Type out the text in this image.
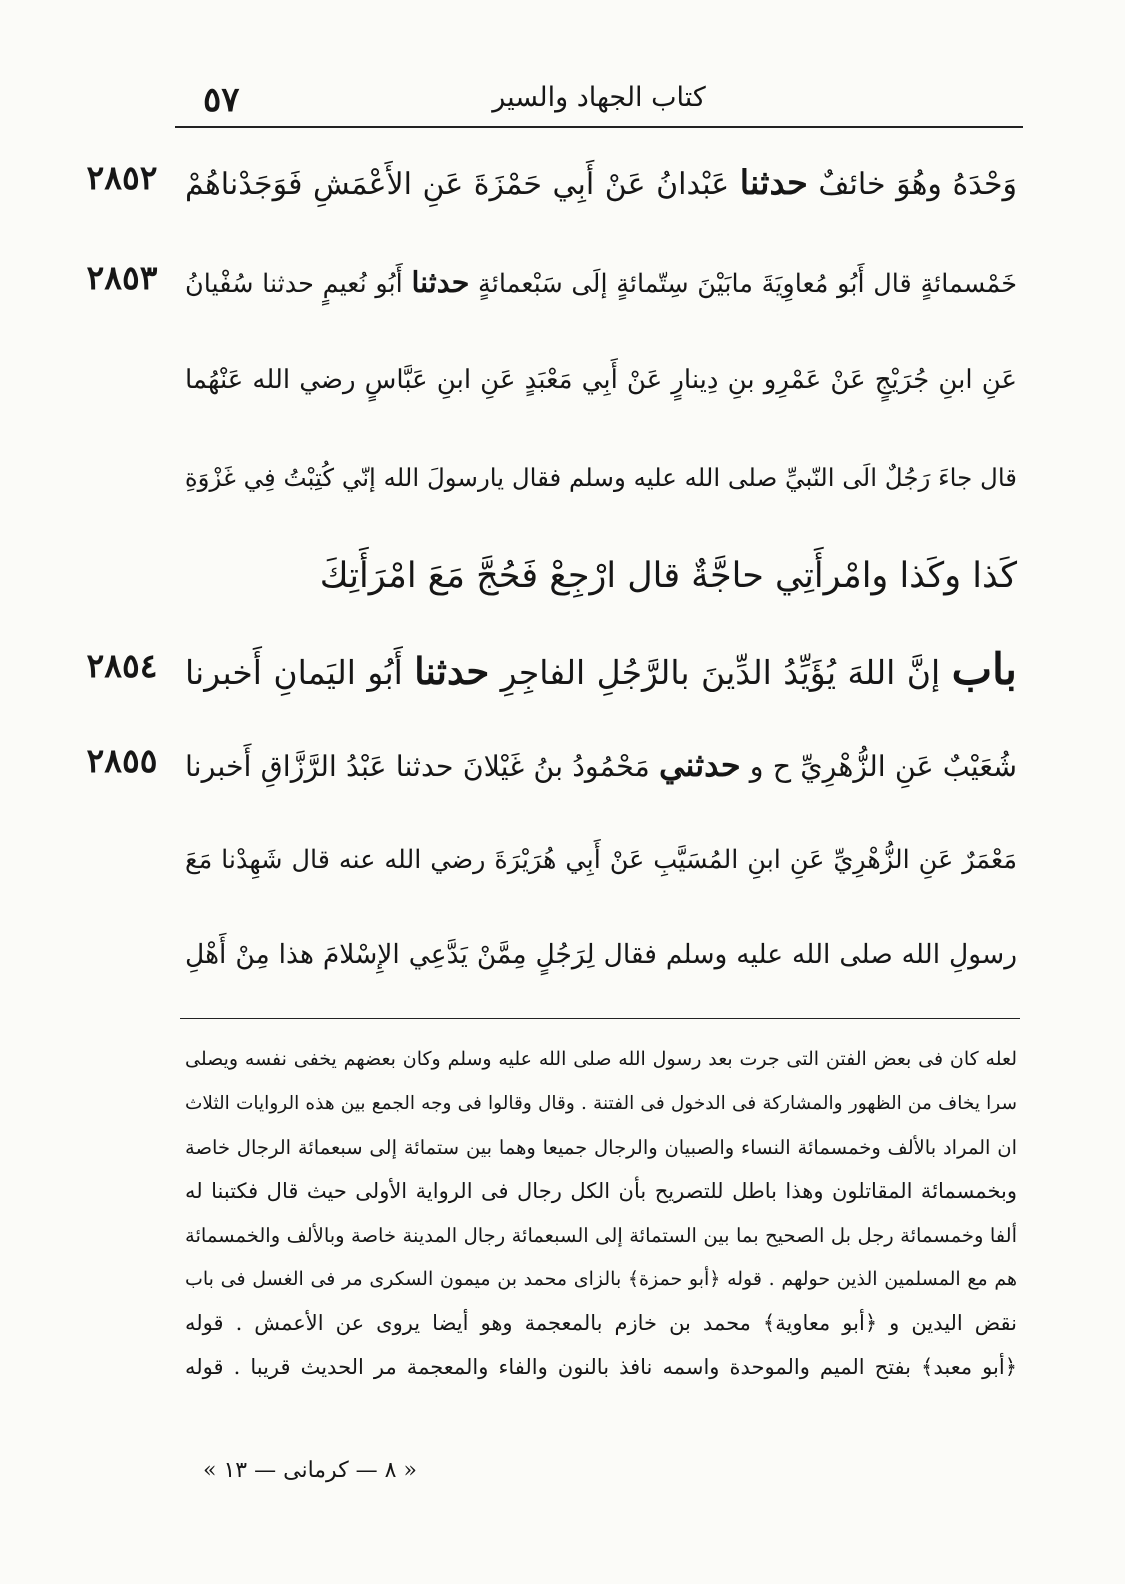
٥٧	كتاب الجهاد والسير
وَحْدَهُ وهُوَ خائفٌ حدثنا عَبْدانُ عَنْ أَبِي حَمْزَةَ عَنِ الأَعْمَشِ فَوَجَدْناهُمْ
خَمْسمائةٍ قال أَبُو مُعاوِيَةَ مابَيْنَ سِتّمائةٍ إلَى سَبْعمائةٍ حدثنا أَبُو نُعيمٍ حدثنا سُفْيانُ
عَنِ ابنِ جُرَيْجٍ عَنْ عَمْرِو بنِ دِينارٍ عَنْ أَبِي مَعْبَدٍ عَنِ ابنِ عَبَّاسٍ رضي الله عَنْهُما
قال جاءَ رَجُلٌ الَى النّبيِّ صلى الله عليه وسلم فقال يارسولَ الله إنّي كُتِبْتُ فِي غَزْوَةِ
كَذا وكَذا وامْرأَتِي حاجَّةٌ قال ارْجِعْ فَحُجَّ مَعَ امْرَأَتِكَ
باب إنَّ اللهَ يُؤَيِّدُ الدِّينَ بالرَّجُلِ الفاجِرِ حدثنا أَبُو اليَمانِ أَخبرنا
شُعَيْبٌ عَنِ الزُّهْرِيِّ ح و حدثني مَحْمُودُ بنُ غَيْلانَ حدثنا عَبْدُ الرَّزَّاقِ أَخبرنا
مَعْمَرٌ عَنِ الزُّهْرِيِّ عَنِ ابنِ المُسَيَّبِ عَنْ أَبِي هُرَيْرَةَ رضي الله عنه قال شَهِدْنا مَعَ
رسولِ الله صلى الله عليه وسلم فقال لِرَجُلٍ مِمَّنْ يَدَّعِي الإِسْلامَ هذا مِنْ أَهْلِ
٢٨٥٢
٢٨٥٣
٢٨٥٤
٢٨٥٥
لعله كان فى بعض الفتن التى جرت بعد رسول الله صلى الله عليه وسلم وكان بعضهم يخفى نفسه ويصلى
سرا يخاف من الظهور والمشاركة فى الدخول فى الفتنة . وقال وقالوا فى وجه الجمع بين هذه الروايات الثلاث
ان المراد بالألف وخمسمائة النساء والصبيان والرجال جميعا وهما بين ستمائة إلى سبعمائة الرجال خاصة
وبخمسمائة المقاتلون وهذا باطل للتصريح بأن الكل رجال فى الرواية الأولى حيث قال فكتبنا له
ألفا وخمسمائة رجل بل الصحيح بما بين الستمائة إلى السبعمائة رجال المدينة خاصة وبالألف والخمسمائة
هم مع المسلمين الذين حولهم . قوله ﴿أبو حمزة﴾ بالزاى محمد بن ميمون السكرى مر فى الغسل فى باب
نقض اليدين و ﴿أبو معاوية﴾ محمد بن خازم بالمعجمة وهو أيضا يروى عن الأعمش . قوله
﴿أبو معبد﴾ بفتح الميم والموحدة واسمه نافذ بالنون والفاء والمعجمة مر الحديث قريبا . قوله
« ٨ — كرمانى — ١٣ »
